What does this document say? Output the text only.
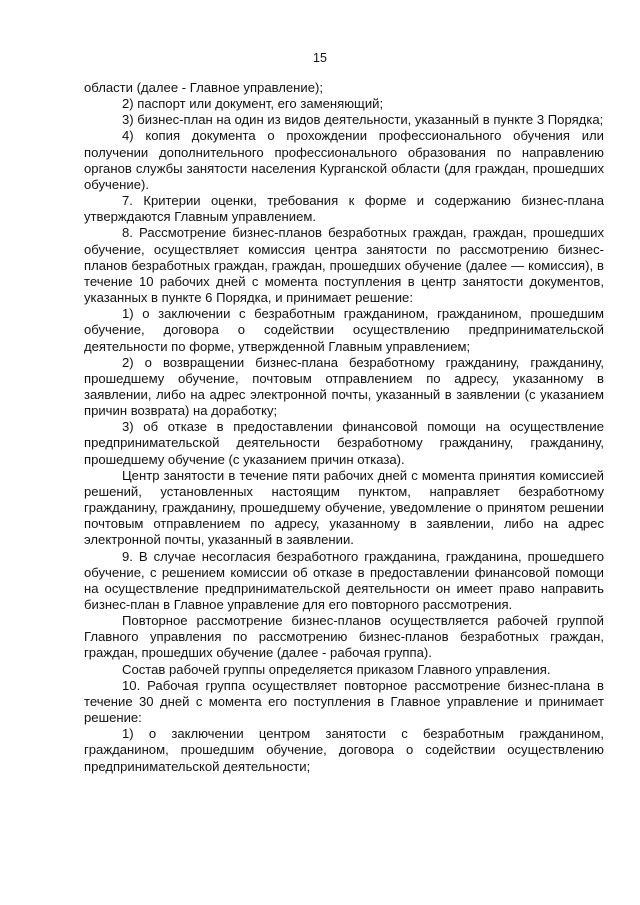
15

области (далее - Главное управление);

2) паспорт или документ, его заменяющий;

3) бизнес-план на один из видов деятельности, указанный в пункте 3 Порядка;

4) копия документа о прохождении профессионального обучения или получении дополнительного профессионального образования по направлению органов службы занятости населения Курганской области (для граждан, прошедших обучение).

7. Критерии оценки, требования к форме и содержанию бизнес-плана утверждаются Главным управлением.

8. Рассмотрение бизнес-планов безработных граждан, граждан, прошедших обучение, осуществляет комиссия центра занятости по рассмотрению бизнес-планов безработных граждан, граждан, прошедших обучение (далее — комиссия), в течение 10 рабочих дней с момента поступления в центр занятости документов, указанных в пункте 6 Порядка, и принимает решение:

1) о заключении с безработным гражданином, гражданином, прошедшим обучение, договора о содействии осуществлению предпринимательской деятельности по форме, утвержденной Главным управлением;

2) о возвращении бизнес-плана безработному гражданину, гражданину, прошедшему обучение, почтовым отправлением по адресу, указанному в заявлении, либо на адрес электронной почты, указанный в заявлении (с указанием причин возврата) на доработку;

3) об отказе в предоставлении финансовой помощи на осуществление предпринимательской деятельности безработному гражданину, гражданину, прошедшему обучение (с указанием причин отказа).

Центр занятости в течение пяти рабочих дней с момента принятия комиссией решений, установленных настоящим пунктом, направляет безработному гражданину, гражданину, прошедшему обучение, уведомление о принятом решении почтовым отправлением по адресу, указанному в заявлении, либо на адрес электронной почты, указанный в заявлении.

9. В случае несогласия безработного гражданина, гражданина, прошедшего обучение, с решением комиссии об отказе в предоставлении финансовой помощи на осуществление предпринимательской деятельности он имеет право направить бизнес-план в Главное управление для его повторного рассмотрения.

Повторное рассмотрение бизнес-планов осуществляется рабочей группой Главного управления по рассмотрению бизнес-планов безработных граждан, граждан, прошедших обучение (далее - рабочая группа).

Состав рабочей группы определяется приказом Главного управления.

10. Рабочая группа осуществляет повторное рассмотрение бизнес-плана в течение 30 дней с момента его поступления в Главное управление и принимает решение:

1) о заключении центром занятости с безработным гражданином, гражданином, прошедшим обучение, договора о содействии осуществлению предпринимательской деятельности;
